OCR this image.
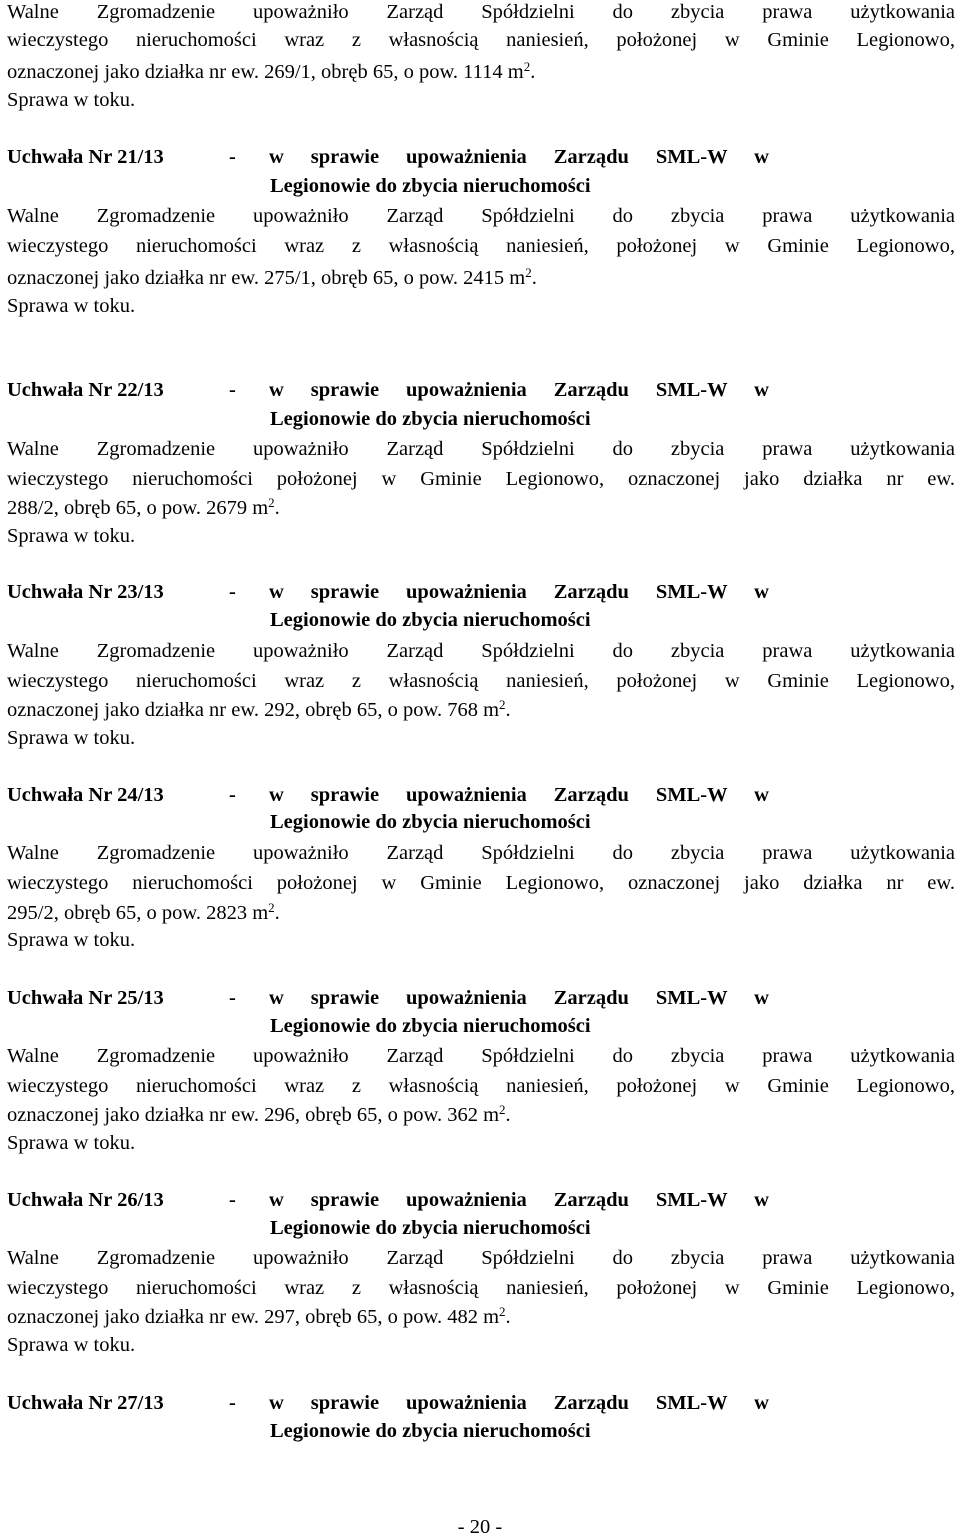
Walne Zgromadzenie upoważniło Zarząd Spółdzielni do zbycia prawa użytkowania
wieczystego nieruchomości wraz z własnością naniesień, położonej w Gminie Legionowo,
oznaczonej jako działka nr ew. 269/1, obręb 65, o pow. 1114 $m^2$.
Sprawa w toku.
Uchwała Nr 21/13	- w sprawie upoważnienia Zarządu SML-W w
Legionowie do zbycia nieruchomości
Walne Zgromadzenie upoważniło Zarząd Spółdzielni do zbycia prawa użytkowania
wieczystego nieruchomości wraz z własnością naniesień, położonej w Gminie Legionowo,
oznaczonej jako działka nr ew. 275/1, obręb 65, o pow. 2415 $m^2$.
Sprawa w toku.
Uchwała Nr 22/13	- w sprawie upoważnienia Zarządu SML-W w
Legionowie do zbycia nieruchomości
Walne Zgromadzenie upoważniło Zarząd Spółdzielni do zbycia prawa użytkowania
wieczystego nieruchomości położonej w Gminie Legionowo, oznaczonej jako działka nr ew.
288/2, obręb 65, o pow. 2679 $m^2$.
Sprawa w toku.
Uchwała Nr 23/13	- w sprawie upoważnienia Zarządu SML-W w
Legionowie do zbycia nieruchomości
Walne Zgromadzenie upoważniło Zarząd Spółdzielni do zbycia prawa użytkowania
wieczystego nieruchomości wraz z własnością naniesień, położonej w Gminie Legionowo,
oznaczonej jako działka nr ew. 292, obręb 65, o pow. 768 $m^2$.
Sprawa w toku.
Uchwała Nr 24/13	- w sprawie upoważnienia Zarządu SML-W w
Legionowie do zbycia nieruchomości
Walne Zgromadzenie upoważniło Zarząd Spółdzielni do zbycia prawa użytkowania
wieczystego nieruchomości położonej w Gminie Legionowo, oznaczonej jako działka nr ew.
295/2, obręb 65, o pow. 2823 $m^2$.
Sprawa w toku.
Uchwała Nr 25/13	- w sprawie upoważnienia Zarządu SML-W w
Legionowie do zbycia nieruchomości
Walne Zgromadzenie upoważniło Zarząd Spółdzielni do zbycia prawa użytkowania
wieczystego nieruchomości wraz z własnością naniesień, położonej w Gminie Legionowo,
oznaczonej jako działka nr ew. 296, obręb 65, o pow. 362 $m^2$.
Sprawa w toku.
Uchwała Nr 26/13	- w sprawie upoważnienia Zarządu SML-W w
Legionowie do zbycia nieruchomości
Walne Zgromadzenie upoważniło Zarząd Spółdzielni do zbycia prawa użytkowania
wieczystego nieruchomości wraz z własnością naniesień, położonej w Gminie Legionowo,
oznaczonej jako działka nr ew. 297, obręb 65, o pow. 482 $m^2$.
Sprawa w toku.
Uchwała Nr 27/13	- w sprawie upoważnienia Zarządu SML-W w
Legionowie do zbycia nieruchomości
- 20 -
